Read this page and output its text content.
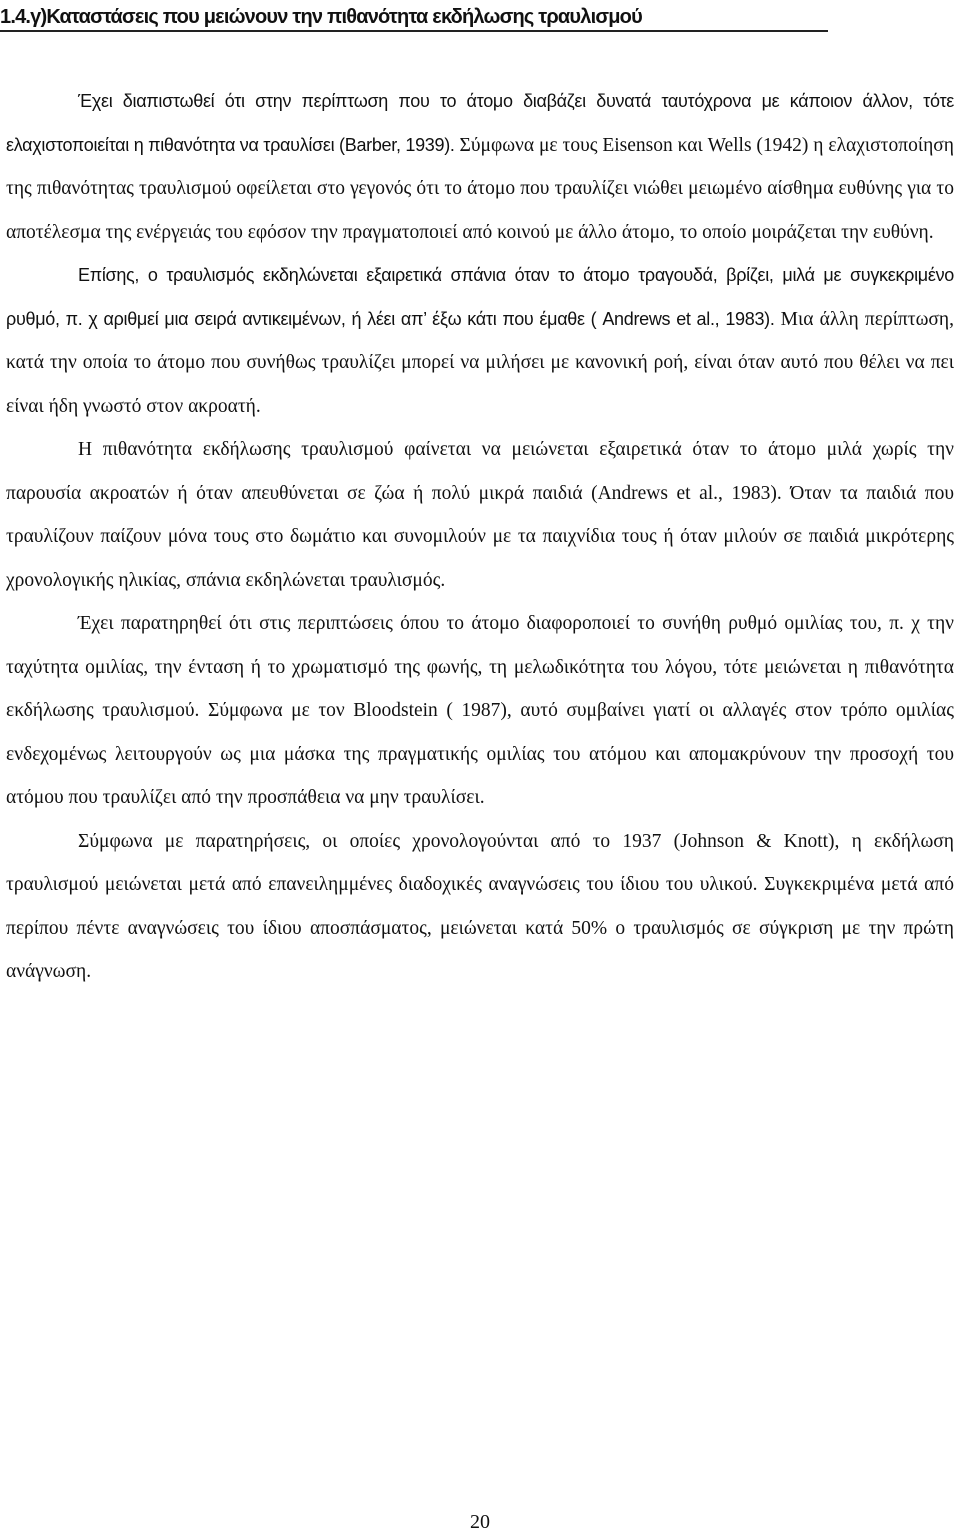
1.4.γ)Καταστάσεις που μειώνουν την πιθανότητα εκδήλωσης τραυλισμού

Έχει διαπιστωθεί ότι στην περίπτωση που το άτομο διαβάζει δυνατά ταυτόχρονα με κάποιον άλλον, τότε ελαχιστοποιείται η πιθανότητα να τραυλίσει (Barber, 1939). Σύμφωνα με τους Eisenson και Wells (1942) η ελαχιστοποίηση της πιθανότητας τραυλισμού οφείλεται στο γεγονός ότι το άτομο που τραυλίζει νιώθει μειωμένο αίσθημα ευθύνης για το αποτέλεσμα της ενέργειάς του εφόσον την πραγματοποιεί από κοινού με άλλο άτομο, το οποίο μοιράζεται την ευθύνη.

Επίσης, ο τραυλισμός εκδηλώνεται εξαιρετικά σπάνια όταν το άτομο τραγουδά, βρίζει, μιλά με συγκεκριμένο ρυθμό, π. χ αριθμεί μια σειρά αντικειμένων, ή λέει απ’ έξω κάτι που έμαθε ( Andrews et al., 1983). Μια άλλη περίπτωση, κατά την οποία το άτομο που συνήθως τραυλίζει μπορεί να μιλήσει με κανονική ροή, είναι όταν αυτό που θέλει να πει είναι ήδη γνωστό στον ακροατή.

Η πιθανότητα εκδήλωσης τραυλισμού φαίνεται να μειώνεται εξαιρετικά όταν το άτομο μιλά χωρίς την παρουσία ακροατών ή όταν απευθύνεται σε ζώα ή πολύ μικρά παιδιά (Andrews et al., 1983). Όταν τα παιδιά που τραυλίζουν παίζουν μόνα τους στο δωμάτιο και συνομιλούν με τα παιχνίδια τους ή όταν μιλούν σε παιδιά μικρότερης χρονολογικής ηλικίας, σπάνια εκδηλώνεται τραυλισμός.

Έχει παρατηρηθεί ότι στις περιπτώσεις όπου το άτομο διαφοροποιεί το συνήθη ρυθμό ομιλίας του, π. χ την ταχύτητα ομιλίας, την ένταση ή το χρωματισμό της φωνής, τη μελωδικότητα του λόγου, τότε μειώνεται η πιθανότητα εκδήλωσης τραυλισμού. Σύμφωνα με τον Bloodstein ( 1987), αυτό συμβαίνει γιατί οι αλλαγές στον τρόπο ομιλίας ενδεχομένως λειτουργούν ως μια μάσκα της πραγματικής ομιλίας του ατόμου και απομακρύνουν την προσοχή του ατόμου που τραυλίζει από την προσπάθεια να μην τραυλίσει.

Σύμφωνα με παρατηρήσεις, οι οποίες χρονολογούνται από το 1937 (Johnson & Knott), η εκδήλωση τραυλισμού μειώνεται μετά από επανειλημμένες διαδοχικές αναγνώσεις του ίδιου του υλικού. Συγκεκριμένα μετά από περίπου πέντε αναγνώσεις του ίδιου αποσπάσματος, μειώνεται κατά 50% ο τραυλισμός σε σύγκριση με την πρώτη ανάγνωση.

20
